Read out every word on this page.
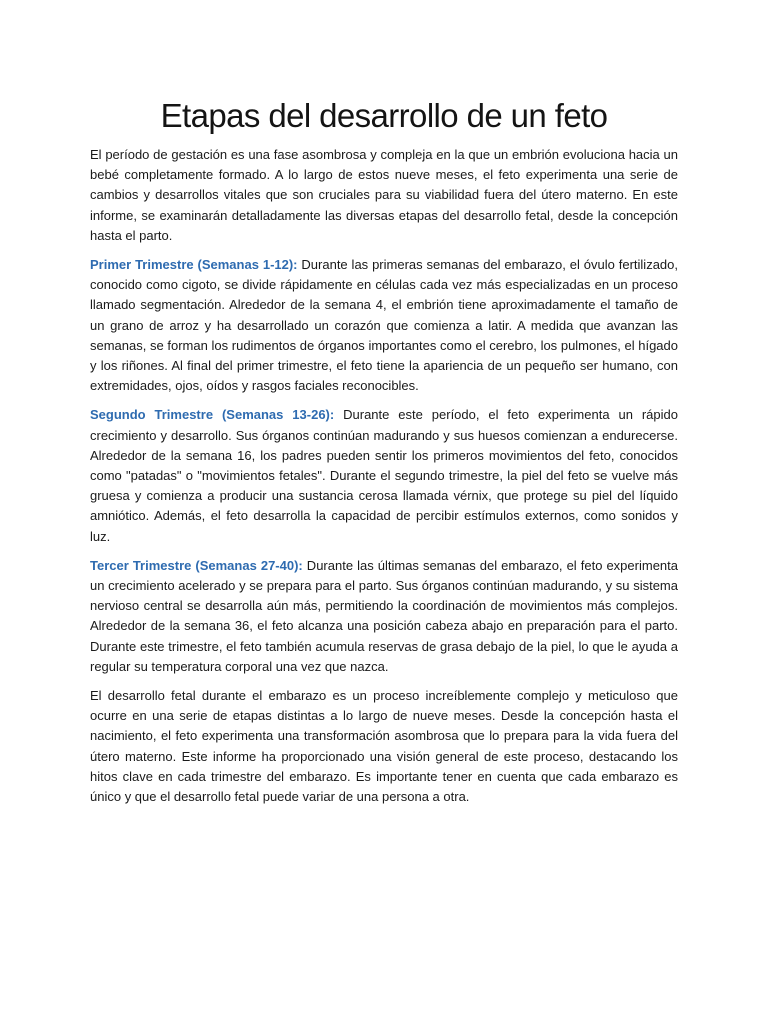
Etapas del desarrollo de un feto

El período de gestación es una fase asombrosa y compleja en la que un embrión evoluciona hacia un bebé completamente formado. A lo largo de estos nueve meses, el feto experimenta una serie de cambios y desarrollos vitales que son cruciales para su viabilidad fuera del útero materno. En este informe, se examinarán detalladamente las diversas etapas del desarrollo fetal, desde la concepción hasta el parto.

Primer Trimestre (Semanas 1-12): Durante las primeras semanas del embarazo, el óvulo fertilizado, conocido como cigoto, se divide rápidamente en células cada vez más especializadas en un proceso llamado segmentación. Alrededor de la semana 4, el embrión tiene aproximadamente el tamaño de un grano de arroz y ha desarrollado un corazón que comienza a latir. A medida que avanzan las semanas, se forman los rudimentos de órganos importantes como el cerebro, los pulmones, el hígado y los riñones. Al final del primer trimestre, el feto tiene la apariencia de un pequeño ser humano, con extremidades, ojos, oídos y rasgos faciales reconocibles.

Segundo Trimestre (Semanas 13-26): Durante este período, el feto experimenta un rápido crecimiento y desarrollo. Sus órganos continúan madurando y sus huesos comienzan a endurecerse. Alrededor de la semana 16, los padres pueden sentir los primeros movimientos del feto, conocidos como "patadas" o "movimientos fetales". Durante el segundo trimestre, la piel del feto se vuelve más gruesa y comienza a producir una sustancia cerosa llamada vérnix, que protege su piel del líquido amniótico. Además, el feto desarrolla la capacidad de percibir estímulos externos, como sonidos y luz.

Tercer Trimestre (Semanas 27-40): Durante las últimas semanas del embarazo, el feto experimenta un crecimiento acelerado y se prepara para el parto. Sus órganos continúan madurando, y su sistema nervioso central se desarrolla aún más, permitiendo la coordinación de movimientos más complejos. Alrededor de la semana 36, el feto alcanza una posición cabeza abajo en preparación para el parto. Durante este trimestre, el feto también acumula reservas de grasa debajo de la piel, lo que le ayuda a regular su temperatura corporal una vez que nazca.

El desarrollo fetal durante el embarazo es un proceso increíblemente complejo y meticuloso que ocurre en una serie de etapas distintas a lo largo de nueve meses. Desde la concepción hasta el nacimiento, el feto experimenta una transformación asombrosa que lo prepara para la vida fuera del útero materno. Este informe ha proporcionado una visión general de este proceso, destacando los hitos clave en cada trimestre del embarazo. Es importante tener en cuenta que cada embarazo es único y que el desarrollo fetal puede variar de una persona a otra.
